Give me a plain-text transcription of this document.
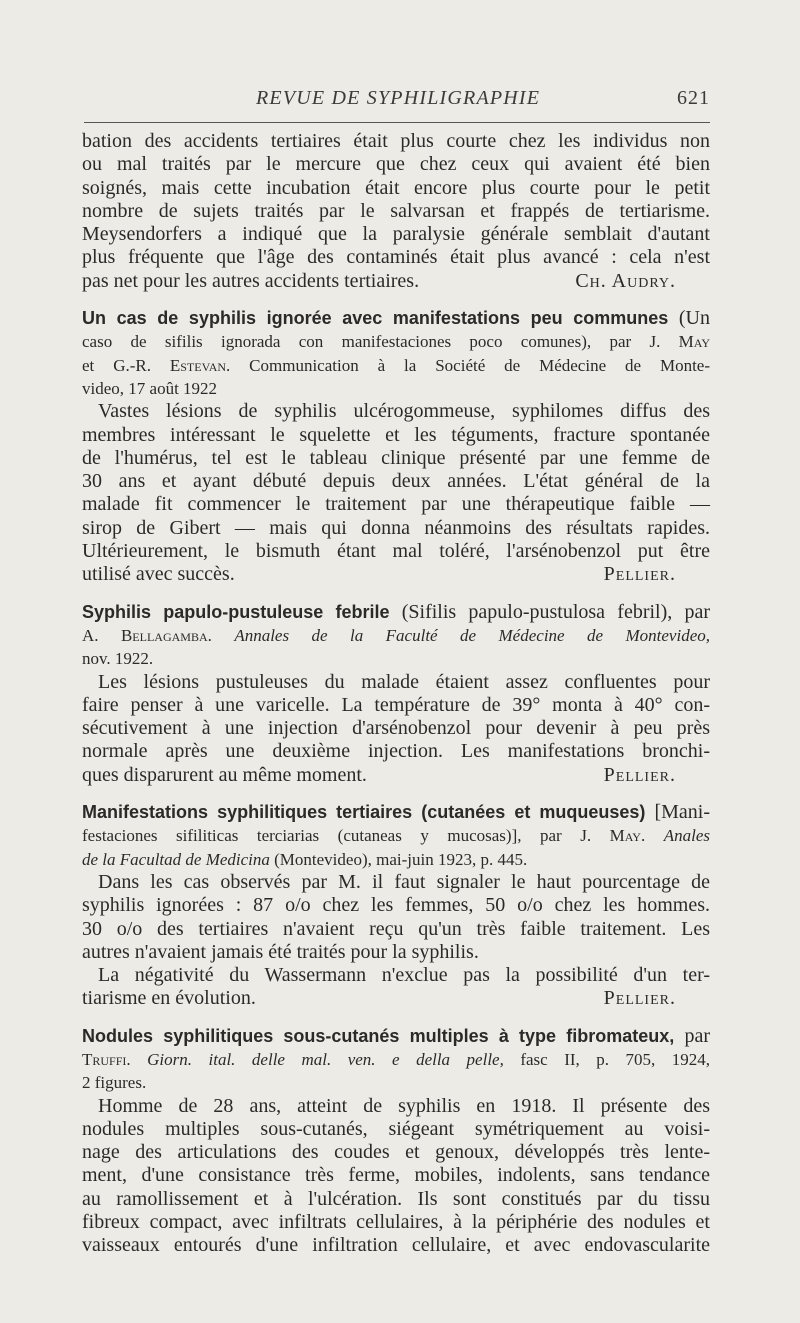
REVUE DE SYPHILIGRAPHIE	621
bation des accidents tertiaires était plus courte chez les individus non
ou mal traités par le mercure que chez ceux qui avaient été bien
soignés, mais cette incubation était encore plus courte pour le petit
nombre de sujets traités par le salvarsan et frappés de tertiarisme.
Meysendorfers a indiqué que la paralysie générale semblait d'autant
plus fréquente que l'âge des contaminés était plus avancé : cela n'est
pas net pour les autres accidents tertiaires.	Ch. Audry.
Un cas de syphilis ignorée avec manifestations peu communes (Un
caso de sifilis ignorada con manifestaciones poco comunes), par J. May
et G.-R. Estevan. Communication à la Société de Médecine de Monte-
video, 17 août 1922
Vastes lésions de syphilis ulcérogommeuse, syphilomes diffus des
membres intéressant le squelette et les téguments, fracture spontanée
de l'humérus, tel est le tableau clinique présenté par une femme de
30 ans et ayant débuté depuis deux années. L'état général de la
malade fit commencer le traitement par une thérapeutique faible —
sirop de Gibert — mais qui donna néanmoins des résultats rapides.
Ultérieurement, le bismuth étant mal toléré, l'arsénobenzol put être
utilisé avec succès.	Pellier.
Syphilis papulo-pustuleuse febrile (Sifilis papulo-pustulosa febril), par
A. Bellagamba. Annales de la Faculté de Médecine de Montevideo,
nov. 1922.
Les lésions pustuleuses du malade étaient assez confluentes pour
faire penser à une varicelle. La température de 39° monta à 40° con-
sécutivement à une injection d'arsénobenzol pour devenir à peu près
normale après une deuxième injection. Les manifestations bronchi-
ques disparurent au même moment.	Pellier.
Manifestations syphilitiques tertiaires (cutanées et muqueuses) [Mani-
festaciones sifiliticas terciarias (cutaneas y mucosas)], par J. May. Anales
de la Facultad de Medicina (Montevideo), mai-juin 1923, p. 445.
Dans les cas observés par M. il faut signaler le haut pourcentage de
syphilis ignorées : 87 o/o chez les femmes, 50 o/o chez les hommes.
30 o/o des tertiaires n'avaient reçu qu'un très faible traitement. Les
autres n'avaient jamais été traités pour la syphilis.
La négativité du Wassermann n'exclue pas la possibilité d'un ter-
tiarisme en évolution.	Pellier.
Nodules syphilitiques sous-cutanés multiples à type fibromateux, par
Truffi. Giorn. ital. delle mal. ven. e della pelle, fasc II, p. 705, 1924,
2 figures.
Homme de 28 ans, atteint de syphilis en 1918. Il présente des
nodules multiples sous-cutanés, siégeant symétriquement au voisi-
nage des articulations des coudes et genoux, développés très lente-
ment, d'une consistance très ferme, mobiles, indolents, sans tendance
au ramollissement et à l'ulcération. Ils sont constitués par du tissu
fibreux compact, avec infiltrats cellulaires, à la périphérie des nodules et
vaisseaux entourés d'une infiltration cellulaire, et avec endovascularite
